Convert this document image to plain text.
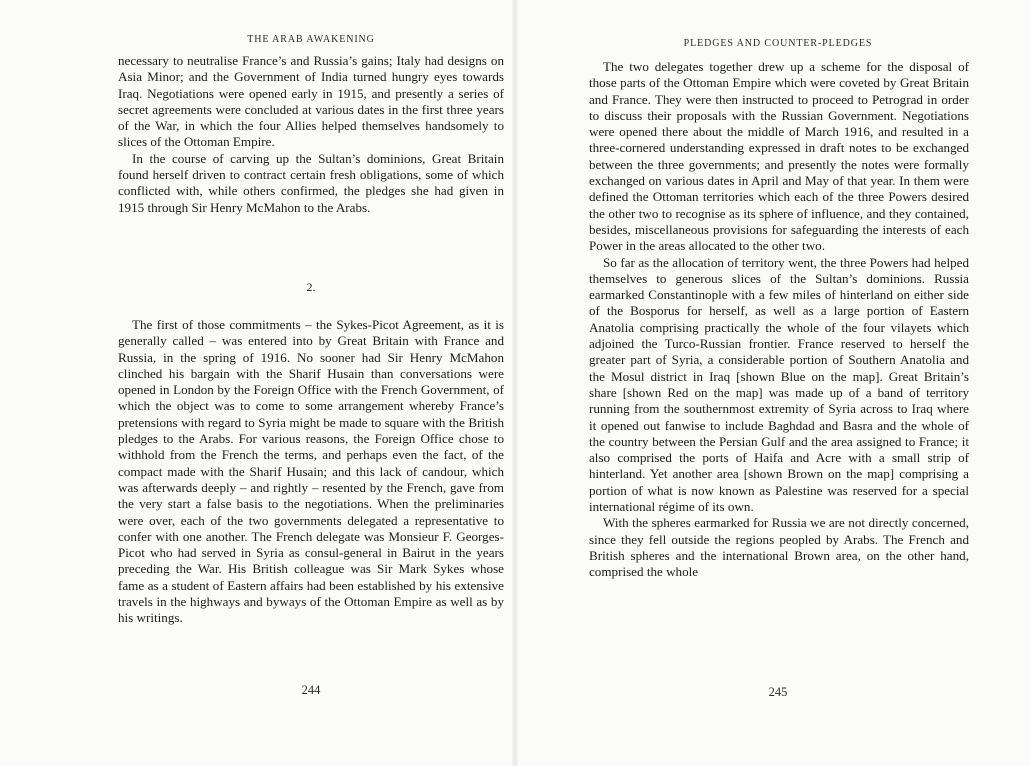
THE ARAB AWAKENING

necessary to neutralise France’s and Russia’s gains; Italy had designs on Asia Minor; and the Government of India turned hungry eyes towards Iraq. Negotiations were opened early in 1915, and presently a series of secret agreements were concluded at various dates in the first three years of the War, in which the four Allies helped themselves handsomely to slices of the Ottoman Empire.

In the course of carving up the Sultan’s dominions, Great Britain found herself driven to contract certain fresh obligations, some of which conflicted with, while others confirmed, the pledges she had given in 1915 through Sir Henry McMahon to the Arabs.

2.

The first of those commitments – the Sykes-Picot Agreement, as it is generally called – was entered into by Great Britain with France and Russia, in the spring of 1916. No sooner had Sir Henry McMahon clinched his bargain with the Sharif Husain than conversations were opened in London by the Foreign Office with the French Government, of which the object was to come to some arrangement whereby France’s pretensions with regard to Syria might be made to square with the British pledges to the Arabs. For various reasons, the Foreign Office chose to withhold from the French the terms, and perhaps even the fact, of the compact made with the Sharif Husain; and this lack of candour, which was afterwards deeply – and rightly – resented by the French, gave from the very start a false basis to the negotiations. When the preliminaries were over, each of the two governments delegated a representative to confer with one another. The French delegate was Monsieur F. Georges-Picot who had served in Syria as consul-general in Bairut in the years preceding the War. His British colleague was Sir Mark Sykes whose fame as a student of Eastern affairs had been established by his extensive travels in the highways and byways of the Ottoman Empire as well as by his writings.

244
PLEDGES AND COUNTER-PLEDGES

The two delegates together drew up a scheme for the disposal of those parts of the Ottoman Empire which were coveted by Great Britain and France. They were then instructed to proceed to Petrograd in order to discuss their proposals with the Russian Government. Negotiations were opened there about the middle of March 1916, and resulted in a three-cornered understanding expressed in draft notes to be exchanged between the three governments; and presently the notes were formally exchanged on various dates in April and May of that year. In them were defined the Ottoman territories which each of the three Powers desired the other two to recognise as its sphere of influence, and they contained, besides, miscellaneous provisions for safeguarding the interests of each Power in the areas allocated to the other two.

So far as the allocation of territory went, the three Powers had helped themselves to generous slices of the Sultan’s dominions. Russia earmarked Constantinople with a few miles of hinterland on either side of the Bosporus for herself, as well as a large portion of Eastern Anatolia comprising practically the whole of the four vilayets which adjoined the Turco-Russian frontier. France reserved to herself the greater part of Syria, a considerable portion of Southern Anatolia and the Mosul district in Iraq [shown Blue on the map]. Great Britain’s share [shown Red on the map] was made up of a band of territory running from the southernmost extremity of Syria across to Iraq where it opened out fanwise to include Baghdad and Basra and the whole of the country between the Persian Gulf and the area assigned to France; it also comprised the ports of Haifa and Acre with a small strip of hinterland. Yet another area [shown Brown on the map] comprising a portion of what is now known as Palestine was reserved for a special international régime of its own.

With the spheres earmarked for Russia we are not directly concerned, since they fell outside the regions peopled by Arabs. The French and British spheres and the international Brown area, on the other hand, comprised the whole

245
